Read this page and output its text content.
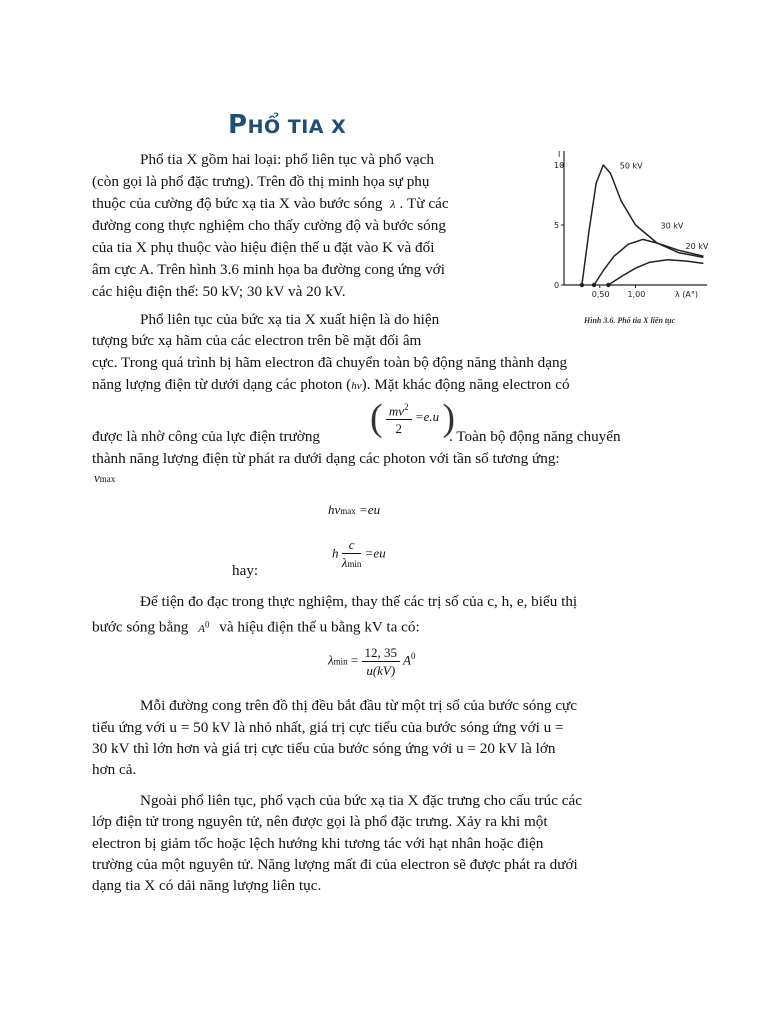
PHỔ TIA X
Phổ tia X gồm hai loại: phổ liên tục và phổ vạch
(còn gọi là phổ đặc trưng). Trên đồ thị minh họa sự phụ
thuộc của cường độ bức xạ tia X vào bước sóng λ . Từ các
đường cong thực nghiệm cho thấy cường độ và bước sóng
của tia X phụ thuộc vào hiệu điện thế u đặt vào K và đối
âm cực A. Trên hình 3.6 minh họa ba đường cong ứng với
các hiệu điện thế: 50 kV; 30 kV và 20 kV.
I
λ (A°)
10
5
0
0,50 1,00
50 kV
30 kV
20 kV
Hình 3.6. Phổ tia X liên tục
Phổ liên tục của bức xạ tia X xuất hiện là do hiện
tượng bức xạ hãm của các electron trên bề mặt đối âm
cực. Trong quá trình bị hãm electron đã chuyển toàn bộ động năng thành dạng
năng lượng điện từ dưới dạng các photon (hν). Mặt khác động năng electron có
( $\frac{mv^2}{2} =e.u$ )
được là nhờ công của lực điện trường	. Toàn bộ động năng chuyển
thành năng lượng điện từ phát ra dưới dạng các photon với tần số tương ứng:
νmax
hνmax =eu
h $\frac{c}{\lambda\min} =eu$
hay:
Để tiện đo đạc trong thực nghiệm, thay thế các trị số của c, h, e, biểu thị
bước sóng bằng $A^0$ và hiệu điện thế u bằng kV ta có:
$\lambda\min = \frac{12, 35}{u(kV)} A^0$
Mỗi đường cong trên đồ thị đều bắt đầu từ một trị số của bước sóng cực
tiểu ứng với u = 50 kV là nhỏ nhất, giá trị cực tiểu của bước sóng ứng với u =
30 kV thì lớn hơn và giá trị cực tiểu của bước sóng ứng với u = 20 kV là lớn
hơn cả.
Ngoài phổ liên tục, phổ vạch của bức xạ tia X đặc trưng cho cấu trúc các
lớp điện tử trong nguyên tử, nên được gọi là phổ đặc trưng. Xảy ra khi một
electron bị giảm tốc hoặc lệch hướng khi tương tác với hạt nhân hoặc điện
trường của một nguyên tử. Năng lượng mất đi của electron sẽ được phát ra dưới
dạng tia X có dải năng lượng liên tục.
